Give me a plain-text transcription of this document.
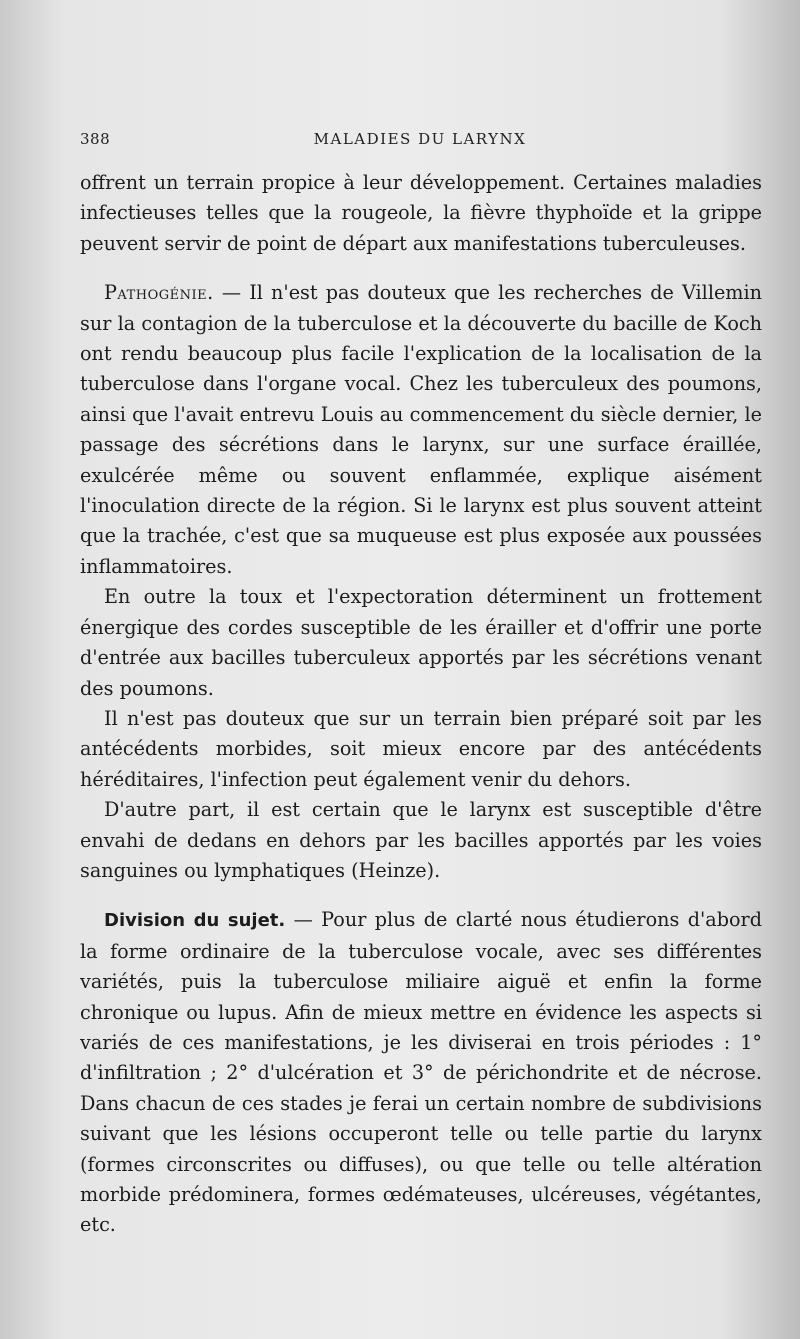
388	MALADIES DU LARYNX

offrent un terrain propice à leur développement. Certaines maladies infectieuses telles que la rougeole, la fièvre thyphoïde et la grippe peuvent servir de point de départ aux manifestations tuberculeuses.

Pathogénie. — Il n'est pas douteux que les recherches de Villemin sur la contagion de la tuberculose et la découverte du bacille de Koch ont rendu beaucoup plus facile l'explication de la localisation de la tuberculose dans l'organe vocal. Chez les tuberculeux des poumons, ainsi que l'avait entrevu Louis au commencement du siècle dernier, le passage des sécrétions dans le larynx, sur une surface éraillée, exulcérée même ou souvent enflammée, explique aisément l'inoculation directe de la région. Si le larynx est plus souvent atteint que la trachée, c'est que sa muqueuse est plus exposée aux poussées inflammatoires.

En outre la toux et l'expectoration déterminent un frottement énergique des cordes susceptible de les érailler et d'offrir une porte d'entrée aux bacilles tuberculeux apportés par les sécrétions venant des poumons.

Il n'est pas douteux que sur un terrain bien préparé soit par les antécédents morbides, soit mieux encore par des antécédents héréditaires, l'infection peut également venir du dehors.

D'autre part, il est certain que le larynx est susceptible d'être envahi de dedans en dehors par les bacilles apportés par les voies sanguines ou lymphatiques (Heinze).

Division du sujet. — Pour plus de clarté nous étudierons d'abord la forme ordinaire de la tuberculose vocale, avec ses différentes variétés, puis la tuberculose miliaire aiguë et enfin la forme chronique ou lupus. Afin de mieux mettre en évidence les aspects si variés de ces manifestations, je les diviserai en trois périodes : 1° d'infiltration ; 2° d'ulcération et 3° de périchondrite et de nécrose. Dans chacun de ces stades je ferai un certain nombre de subdivisions suivant que les lésions occuperont telle ou telle partie du larynx (formes circonscrites ou diffuses), ou que telle ou telle altération morbide prédominera, formes œdémateuses, ulcéreuses, végétantes, etc.
